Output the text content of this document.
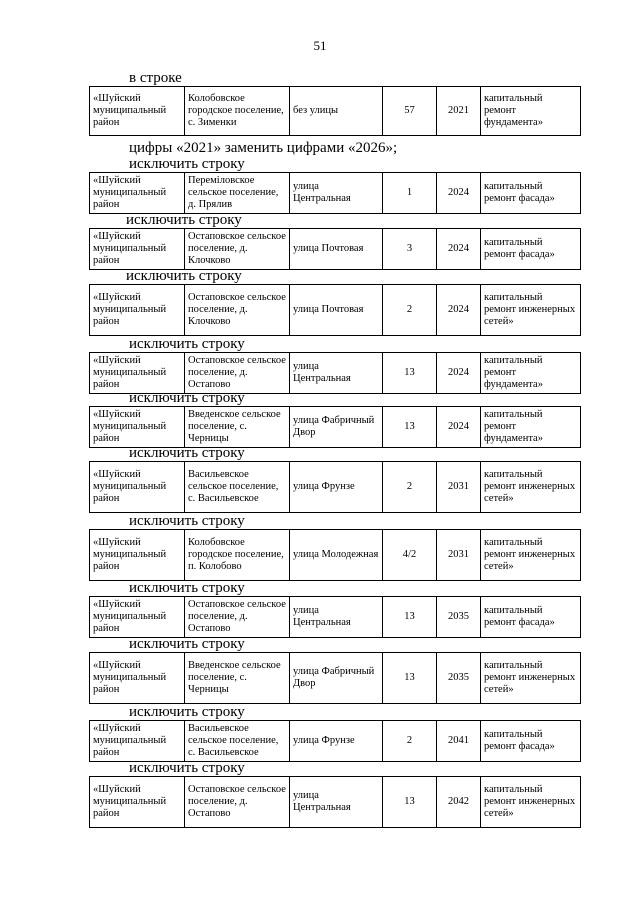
51
в строке
«Шуйский муниципальный район	Колобовское городское поселение, с. Зименки	без улицы	57	2021	капитальный ремонт фундамента»
цифры «2021» заменить цифрами «2026»;
исключить строку
«Шуйский муниципальный район	Переміловское сельское поселение, д. Прялив	улица Центральная	1	2024	капитальный ремонт фасада»
исключить строку
«Шуйский муниципальный район	Остаповское сельское поселение, д. Клочково	улица Почтовая	3	2024	капитальный ремонт фасада»
исключить строку
«Шуйский муниципальный район	Остаповское сельское поселение, д. Клочково	улица Почтовая	2	2024	капитальный ремонт инженерных сетей»
исключить строку
«Шуйский муниципальный район	Остаповское сельское поселение, д. Остапово	улица Центральная	13	2024	капитальный ремонт фундамента»
исключить строку
«Шуйский муниципальный район	Введенское сельское поселение, с. Черницы	улица Фабричный Двор	13	2024	капитальный ремонт фундамента»
исключить строку
«Шуйский муниципальный район	Васильевское сельское поселение, с. Васильевское	улица Фрунзе	2	2031	капитальный ремонт инженерных сетей»
исключить строку
«Шуйский муниципальный район	Колобовское городское поселение, п. Колобово	улица Молодежная	4/2	2031	капитальный ремонт инженерных сетей»
исключить строку
«Шуйский муниципальный район	Остаповское сельское поселение, д. Остапово	улица Центральная	13	2035	капитальный ремонт фасада»
исключить строку
«Шуйский муниципальный район	Введенское сельское поселение, с. Черницы	улица Фабричный Двор	13	2035	капитальный ремонт инженерных сетей»
исключить строку
«Шуйский муниципальный район	Васильевское сельское поселение, с. Васильевское	улица Фрунзе	2	2041	капитальный ремонт фасада»
исключить строку
«Шуйский муниципальный район	Остаповское сельское поселение, д. Остапово	улица Центральная	13	2042	капитальный ремонт инженерных сетей»
